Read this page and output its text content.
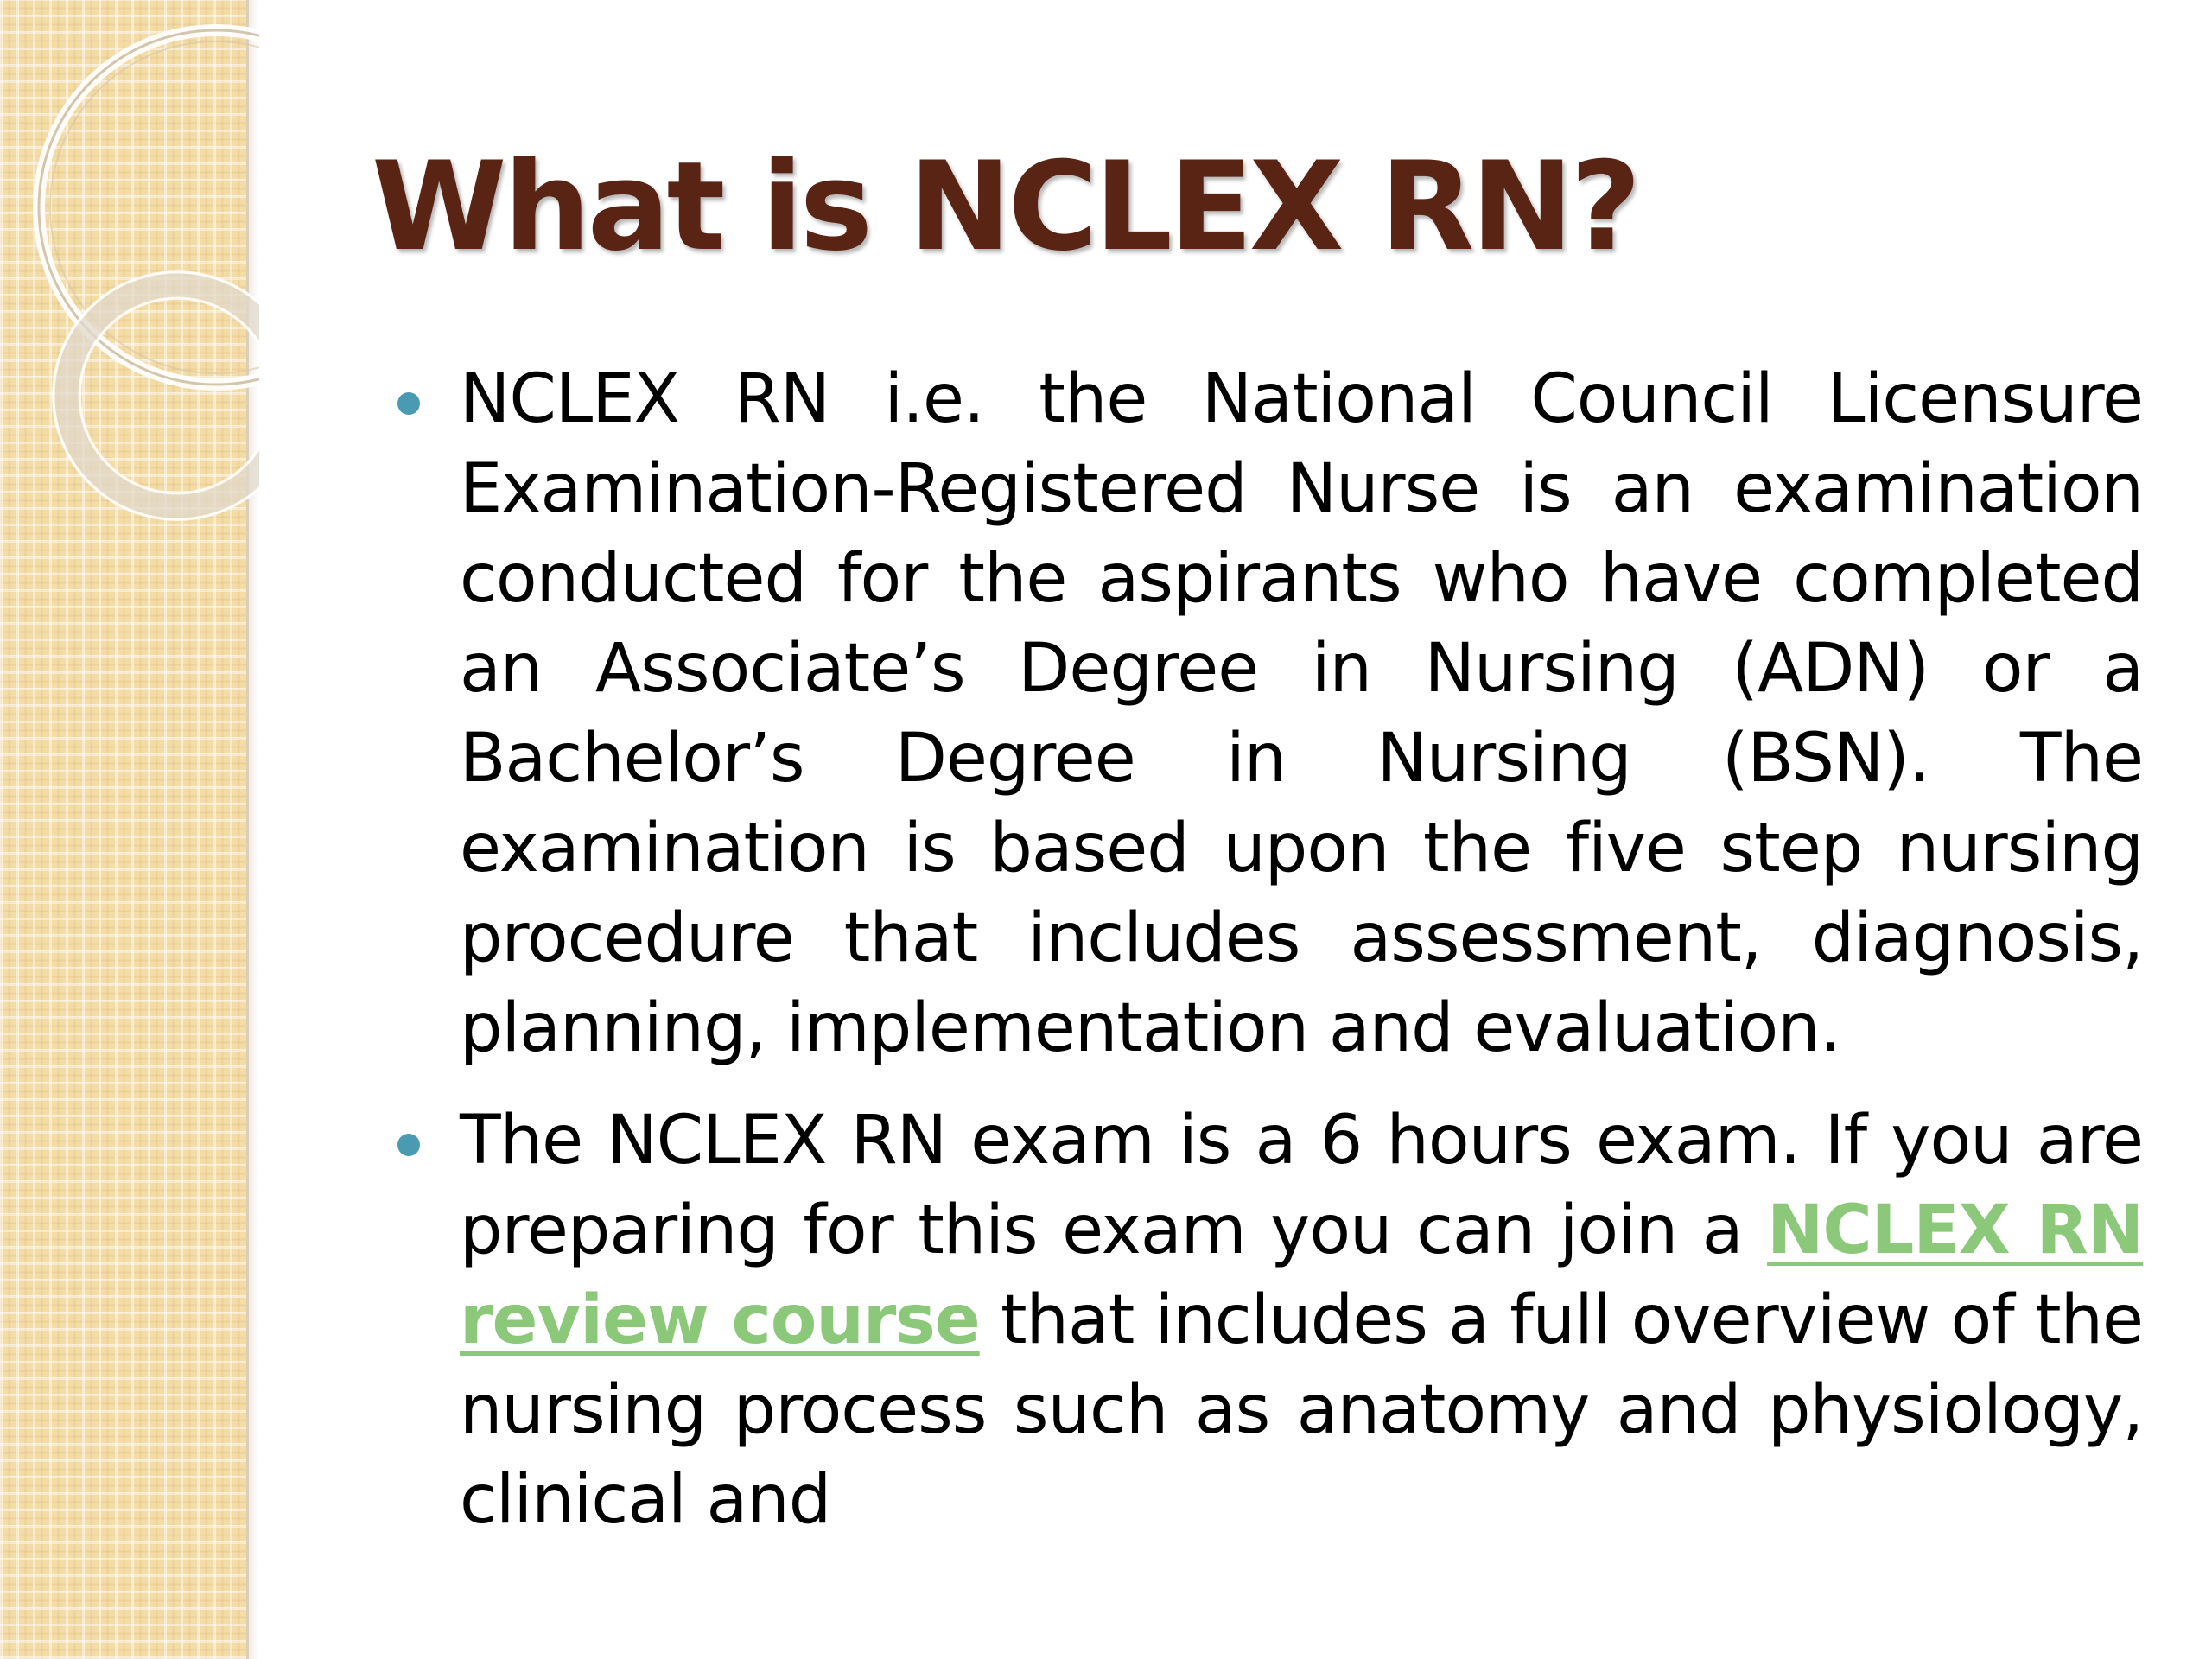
What is NCLEX RN?
NCLEX RN i.e. the National Council Licensure Examination-Registered Nurse is an examination conducted for the aspirants who have completed an Associate’s Degree in Nursing (ADN) or a Bachelor’s Degree in Nursing (BSN). The examination is based upon the five step nursing procedure that includes assessment, diagnosis, planning, implementation and evaluation.
The NCLEX RN exam is a 6 hours exam. If you are preparing for this exam you can join a NCLEX RN review course that includes a full overview of the nursing process such as anatomy and physiology, clinical and
